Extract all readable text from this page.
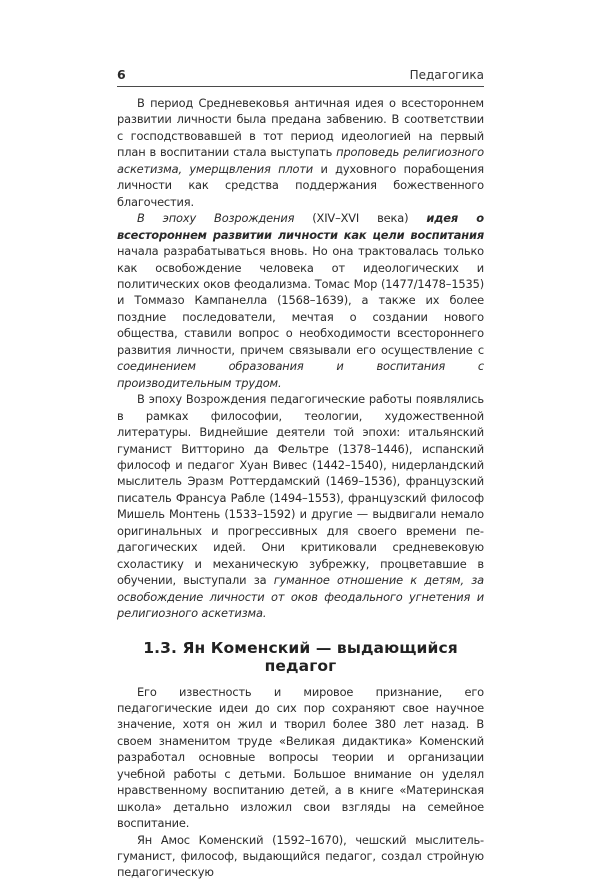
6	Педагогика

В период Средневековья античная идея о всестороннем развитии личности была предана забвению. В соответствии с господствовавшей в тот период идеологией на первый план в воспитании стала выступать проповедь религиозного аскетизма, умерщвления плоти и духовного порабощения личности как средства поддержания божественного благочестия.

В эпоху Возрождения (XIV–XVI века) идея о всестороннем развитии личности как цели воспитания начала разрабатываться вновь. Но она трактовалась только как освобождение человека от идеологических и политических оков феодализма. Томас Мор (1477/1478–1535) и Томмазо Кампанелла (1568–1639), а также их более поздние последователи, мечтая о создании нового общества, ставили вопрос о необходимости всестороннего развития личности, причем связывали его осуществление с соединением образования и воспитания с производительным трудом.

В эпоху Возрождения педагогические работы появлялись в рамках философии, теологии, художественной литературы. Виднейшие деятели той эпохи: итальянский гуманист Витторино да Фельтре (1378–1446), испанский философ и педагог Хуан Вивес (1442–1540), нидерландский мыслитель Эразм Роттердамский (1469–1536), французский писатель Франсуа Рабле (1494–1553), французский философ Мишель Монтень (1533–1592) и другие — выдвигали немало оригинальных и прогрессивных для своего времени педагогических идей. Они критиковали средневековую схоластику и механическую зубрежку, процветавшие в обучении, выступали за гуманное отношение к детям, за освобождение личности от оков феодального угнетения и религиозного аскетизма.

1.3. Ян Коменский — выдающийся педагог

Его известность и мировое признание, его педагогические идеи до сих пор сохраняют свое научное значение, хотя он жил и творил более 380 лет назад. В своем знаменитом труде «Великая дидактика» Коменский разработал основные вопросы теории и организации учебной работы с детьми. Большое внимание он уделял нравственному воспитанию детей, а в книге «Материнская школа» детально изложил свои взгляды на семейное воспитание.

Ян Амос Коменский (1592–1670), чешский мыслитель-гуманист, философ, выдающийся педагог, создал стройную педагогическую
